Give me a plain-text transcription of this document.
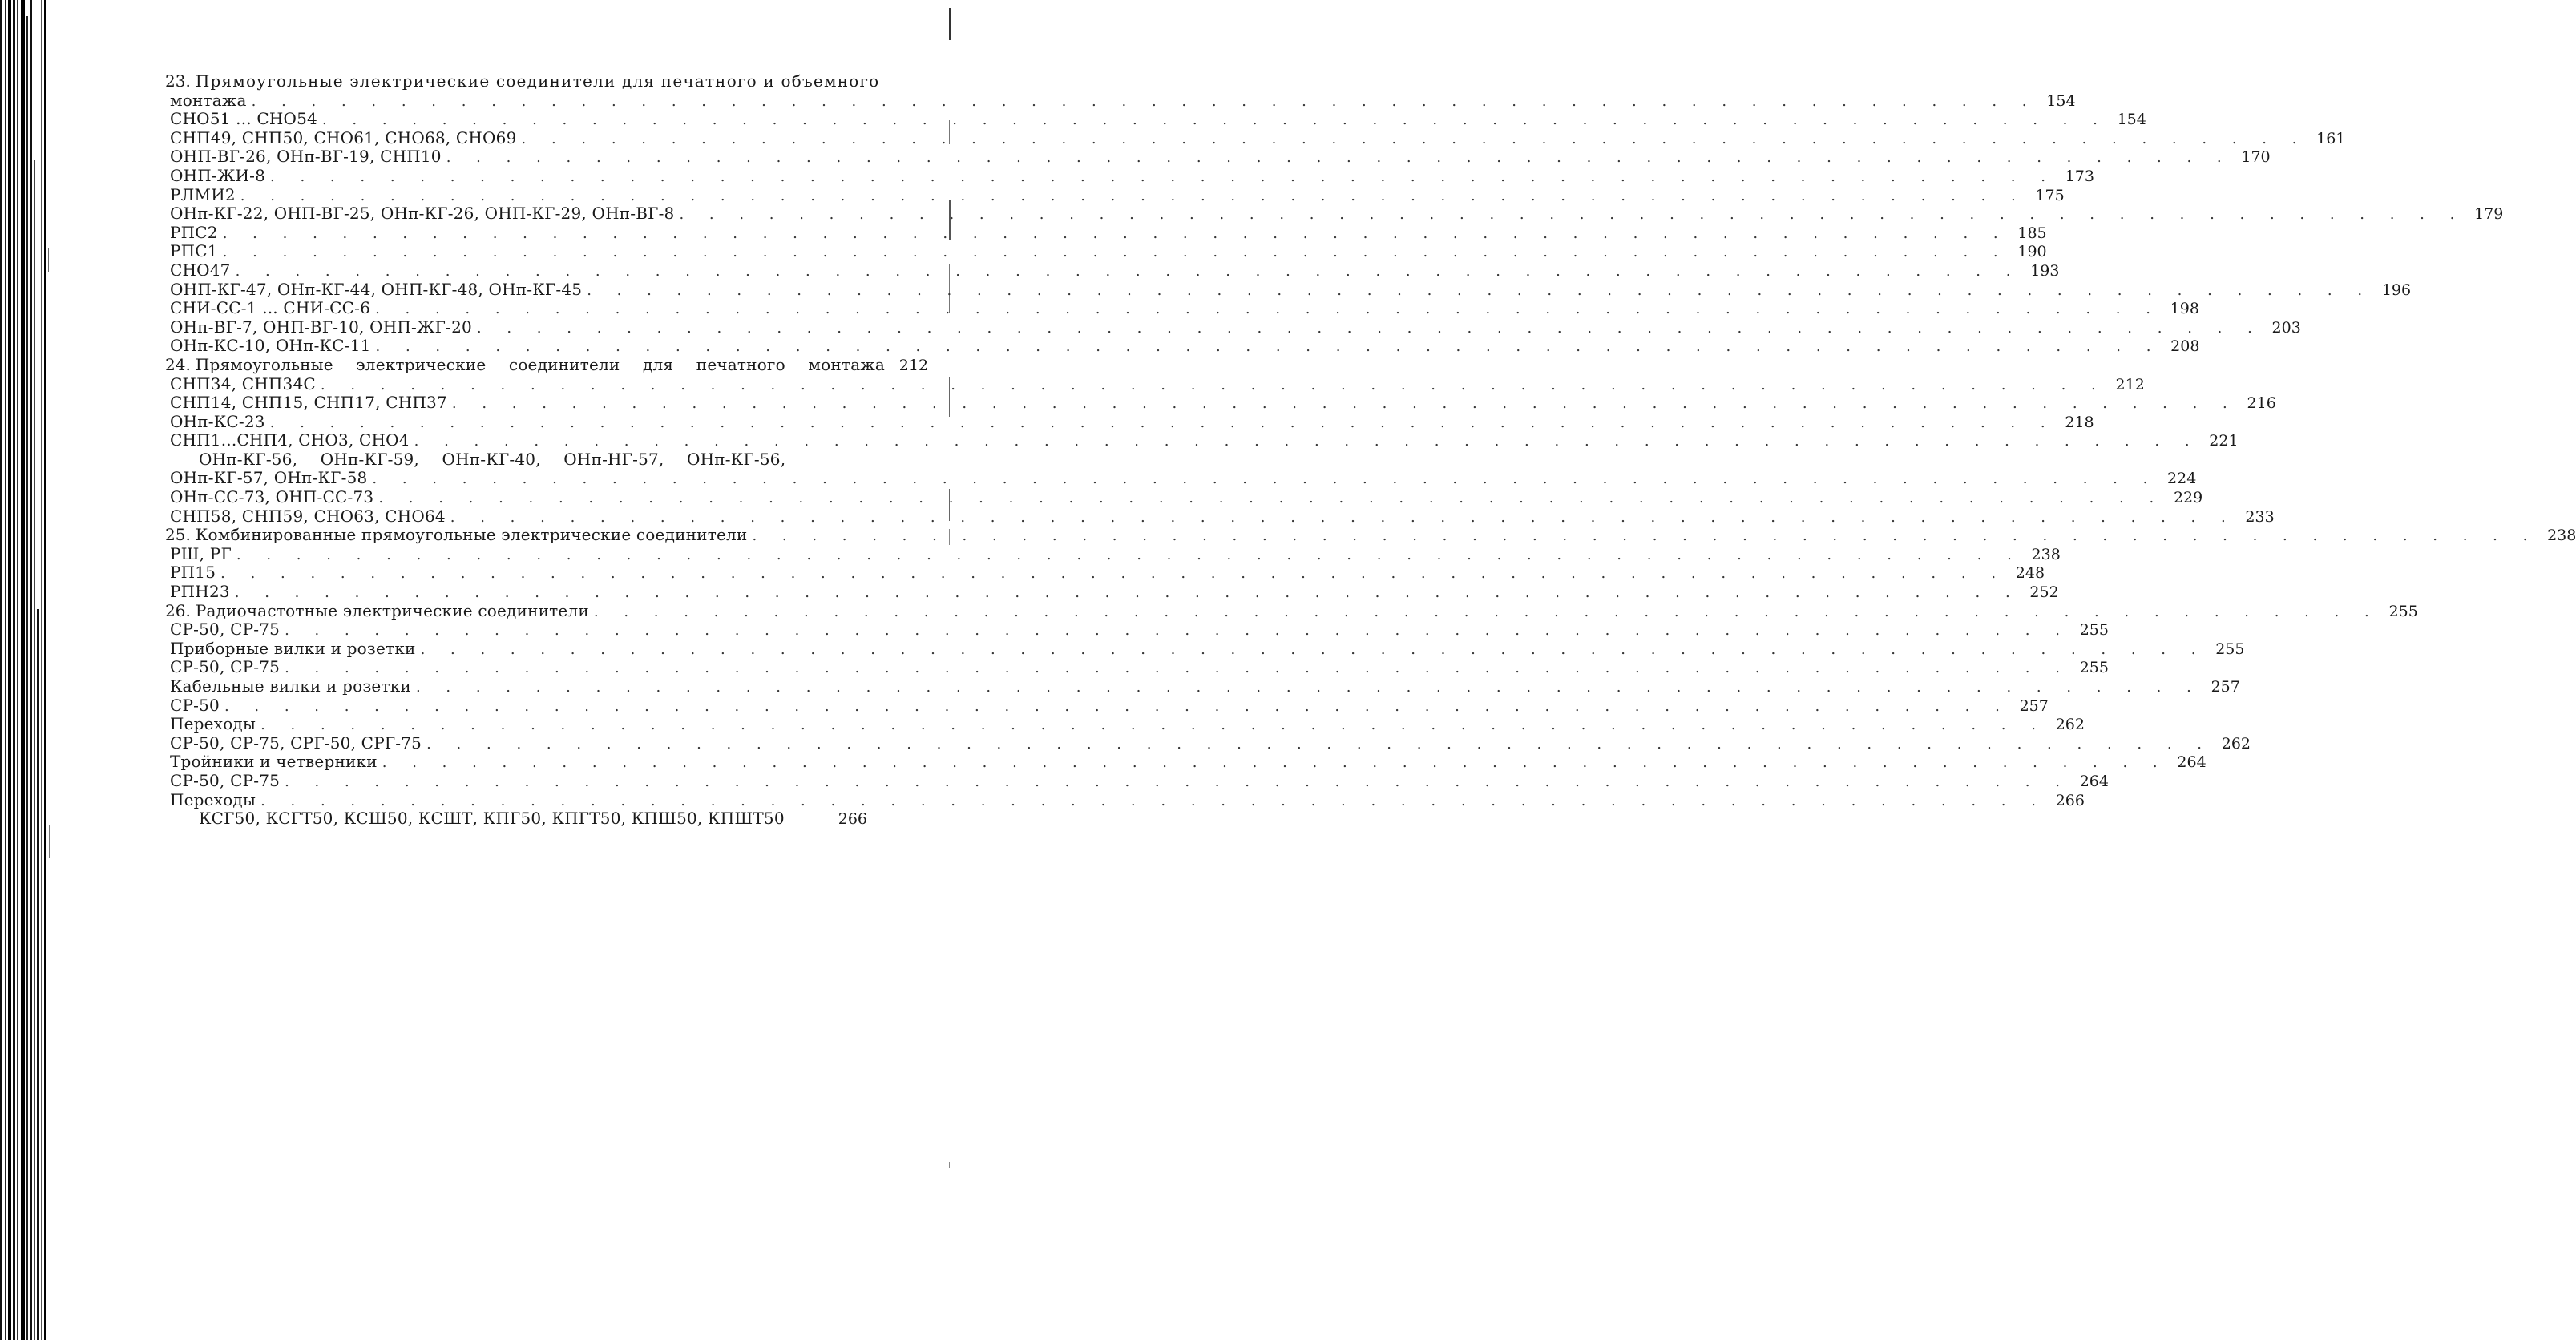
23. Прямоугольные электрические соединители для печатного и объемного
монтажа . . . . . . . . . . . . . . . . . . . . . . . . . . . . . . . . . . . . . . . . . . . . . . . . . . . . . . . . . . . . 154
СНО51 ... СНО54 . . . . . . . . . . . . . . . . . . . . . . . . . . . . . . . . . . . . . . . . . . . . . . . . . . . . . . . . . . . . 154
СНП49, СНП50, СНО61, СНО68, СНО69 . . . . . . . . . . . . . . . . . . . . . . . . . . . . . . . . . . . . . . . . . . . . . . . . . . . . . . . . . . . . 161
ОНП-ВГ-26, ОНп-ВГ-19, СНП10 . . . . . . . . . . . . . . . . . . . . . . . . . . . . . . . . . . . . . . . . . . . . . . . . . . . . . . . . . . . . 170
ОНП-ЖИ-8 . . . . . . . . . . . . . . . . . . . . . . . . . . . . . . . . . . . . . . . . . . . . . . . . . . . . . . . . . . . . 173
РЛМИ2 . . . . . . . . . . . . . . . . . . . . . . . . . . . . . . . . . . . . . . . . . . . . . . . . . . . . . . . . . . . . 175
ОНп-КГ-22, ОНП-ВГ-25, ОНп-КГ-26, ОНП-КГ-29, ОНп-ВГ-8 . . . . . . . . . . . . . . . . . . . . . . . . . . . . . . . . . . . . . . . . . . . . . . . . . . . . . . . . . . . . 179
РПС2 . . . . . . . . . . . . . . . . . . . . . . . . . . . . . . . . . . . . . . . . . . . . . . . . . . . . . . . . . . . . 185
РПС1 . . . . . . . . . . . . . . . . . . . . . . . . . . . . . . . . . . . . . . . . . . . . . . . . . . . . . . . . . . . . 190
СНО47 . . . . . . . . . . . . . . . . . . . . . . . . . . . . . . . . . . . . . . . . . . . . . . . . . . . . . . . . . . . . 193
ОНП-КГ-47, ОНп-КГ-44, ОНП-КГ-48, ОНп-КГ-45 . . . . . . . . . . . . . . . . . . . . . . . . . . . . . . . . . . . . . . . . . . . . . . . . . . . . . . . . . . . . 196
СНИ-СС-1 ... СНИ-СС-6 . . . . . . . . . . . . . . . . . . . . . . . . . . . . . . . . . . . . . . . . . . . . . . . . . . . . . . . . . . . . 198
ОНп-ВГ-7, ОНП-ВГ-10, ОНП-ЖГ-20 . . . . . . . . . . . . . . . . . . . . . . . . . . . . . . . . . . . . . . . . . . . . . . . . . . . . . . . . . . . . 203
ОНп-КС-10, ОНп-КС-11 . . . . . . . . . . . . . . . . . . . . . . . . . . . . . . . . . . . . . . . . . . . . . . . . . . . . . . . . . . . . 208
24. Прямоугольные электрические соединители для печатного монтажа 212
СНП34, СНП34С . . . . . . . . . . . . . . . . . . . . . . . . . . . . . . . . . . . . . . . . . . . . . . . . . . . . . . . . . . . . 212
СНП14, СНП15, СНП17, СНП37 . . . . . . . . . . . . . . . . . . . . . . . . . . . . . . . . . . . . . . . . . . . . . . . . . . . . . . . . . . . . 216
ОНп-КС-23 . . . . . . . . . . . . . . . . . . . . . . . . . . . . . . . . . . . . . . . . . . . . . . . . . . . . . . . . . . . . 218
СНП1...СНП4, СНО3, СНО4 . . . . . . . . . . . . . . . . . . . . . . . . . . . . . . . . . . . . . . . . . . . . . . . . . . . . . . . . . . . . 221
ОНп-КГ-56, ОНп-КГ-59, ОНп-КГ-40, ОНп-НГ-57, ОНп-КГ-56,
ОНп-КГ-57, ОНп-КГ-58 . . . . . . . . . . . . . . . . . . . . . . . . . . . . . . . . . . . . . . . . . . . . . . . . . . . . . . . . . . . . 224
ОНп-СС-73, ОНП-СС-73 . . . . . . . . . . . . . . . . . . . . . . . . . . . . . . . . . . . . . . . . . . . . . . . . . . . . . . . . . . . . 229
СНП58, СНП59, СНО63, СНО64 . . . . . . . . . . . . . . . . . . . . . . . . . . . . . . . . . . . . . . . . . . . . . . . . . . . . . . . . . . . . 233
25. Комбинированные прямоугольные электрические соединители . . . . . . . . . . . . . . . . . . . . . . . . . . . . . . . . . . . . . . . . . . . . . . . . . . . . . . . . . . . . 238
РШ, РГ . . . . . . . . . . . . . . . . . . . . . . . . . . . . . . . . . . . . . . . . . . . . . . . . . . . . . . . . . . . . 238
РП15 . . . . . . . . . . . . . . . . . . . . . . . . . . . . . . . . . . . . . . . . . . . . . . . . . . . . . . . . . . . . 248
РПН23 . . . . . . . . . . . . . . . . . . . . . . . . . . . . . . . . . . . . . . . . . . . . . . . . . . . . . . . . . . . . 252
26. Радиочастотные электрические соединители . . . . . . . . . . . . . . . . . . . . . . . . . . . . . . . . . . . . . . . . . . . . . . . . . . . . . . . . . . . . 255
СР-50, СР-75 . . . . . . . . . . . . . . . . . . . . . . . . . . . . . . . . . . . . . . . . . . . . . . . . . . . . . . . . . . . . 255
Приборные вилки и розетки . . . . . . . . . . . . . . . . . . . . . . . . . . . . . . . . . . . . . . . . . . . . . . . . . . . . . . . . . . . . 255
СР-50, СР-75 . . . . . . . . . . . . . . . . . . . . . . . . . . . . . . . . . . . . . . . . . . . . . . . . . . . . . . . . . . . . 255
Кабельные вилки и розетки . . . . . . . . . . . . . . . . . . . . . . . . . . . . . . . . . . . . . . . . . . . . . . . . . . . . . . . . . . . . 257
СР-50 . . . . . . . . . . . . . . . . . . . . . . . . . . . . . . . . . . . . . . . . . . . . . . . . . . . . . . . . . . . . 257
Переходы . . . . . . . . . . . . . . . . . . . . . . . . . . . . . . . . . . . . . . . . . . . . . . . . . . . . . . . . . . . . 262
СР-50, СР-75, СРГ-50, СРГ-75 . . . . . . . . . . . . . . . . . . . . . . . . . . . . . . . . . . . . . . . . . . . . . . . . . . . . . . . . . . . . 262
Тройники и четверники . . . . . . . . . . . . . . . . . . . . . . . . . . . . . . . . . . . . . . . . . . . . . . . . . . . . . . . . . . . . 264
СР-50, СР-75 . . . . . . . . . . . . . . . . . . . . . . . . . . . . . . . . . . . . . . . . . . . . . . . . . . . . . . . . . . . . 264
Переходы . . . . . . . . . . . . . . . . . . . . . . . . . . . . . . . . . . . . . . . . . . . . . . . . . . . . . . . . . . . . 266
КСГ50, КСГТ50, КСШ50, КСШТ, КПГ50, КПГТ50, КПШ50, КПШТ50	266
